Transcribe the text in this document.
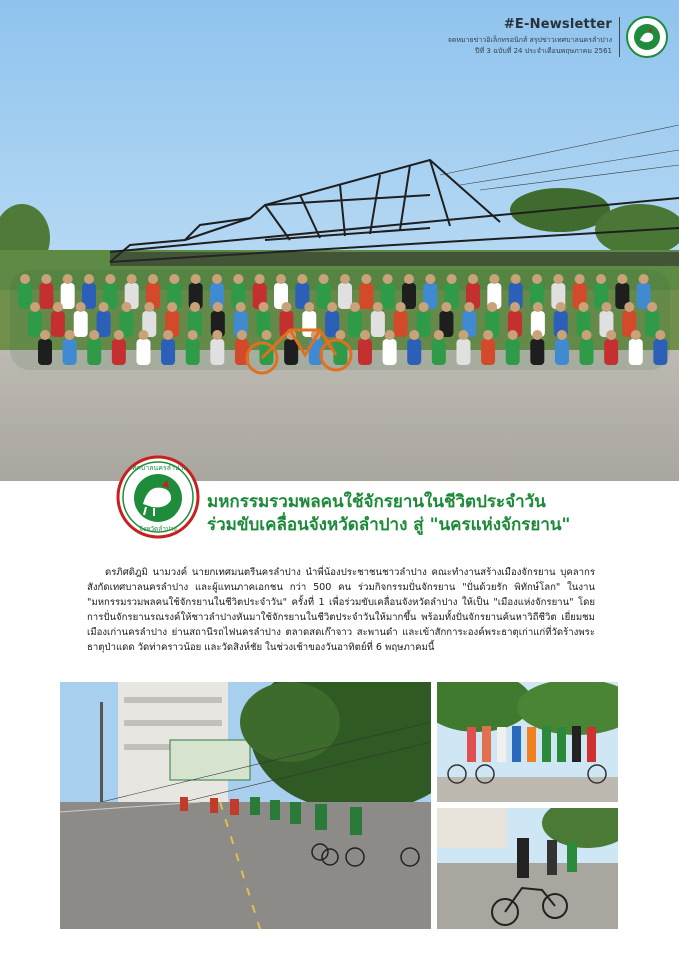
#E-Newsletter
จดหมายข่าวอิเล็กทรอนิกส์ สรุปข่าวเทศบาลนครลำปาง
ปีที่ 3 ฉบับที่ 24 ประจำเดือนพฤษภาคม 2561
เทศบาลนครลำปาง
จังหวัดลำปาง
มหกรรมรวมพลคนใช้จักรยานในชีวิตประจำวัน
ร่วมขับเคลื่อนจังหวัดลำปาง สู่ "นครแห่งจักรยาน"
ดรภิศดิฎมิ นามวงค์ นายกเทศมนตรีนครลำปาง นำพี่น้องประชาชนชาวลำปาง คณะทำงานสร้างเมืองจักรยาน บุคลากรสังกัดเทศบาลนครลำปาง และผู้แทนภาคเอกชน กว่า 500 คน ร่วมกิจกรรมปั่นจักรยาน "ปั่นด้วยรัก พิทักษ์โลก" ในงาน "มหกรรมรวมพลคนใช้จักรยานในชีวิตประจำวัน" ครั้งที่ 1 เพื่อร่วมขับเคลื่อนจังหวัดลำปาง ให้เป็น "เมืองแห่งจักรยาน" โดยการปั่นจักรยานรณรงค์ให้ชาวลำปางหันมาใช้จักรยานในชีวิตประจำวันให้มากขึ้น พร้อมทั้งปั่นจักรยานค้นหาวิถีชีวิต เยี่ยมชมเมืองเก่านครลำปาง ย่านสถานีรถไฟนครลำปาง ตลาดสดเก๊าจาว สะพานดำ และเข้าสักการะองค์พระธาตุเก่าแก่ที่วัดร้างพระธาตุป่าแดด วัดท่าคราวน้อย และวัดสิงห์ชัย ในช่วงเช้าของวันอาทิตย์ที่ 6 พฤษภาคมนี้
